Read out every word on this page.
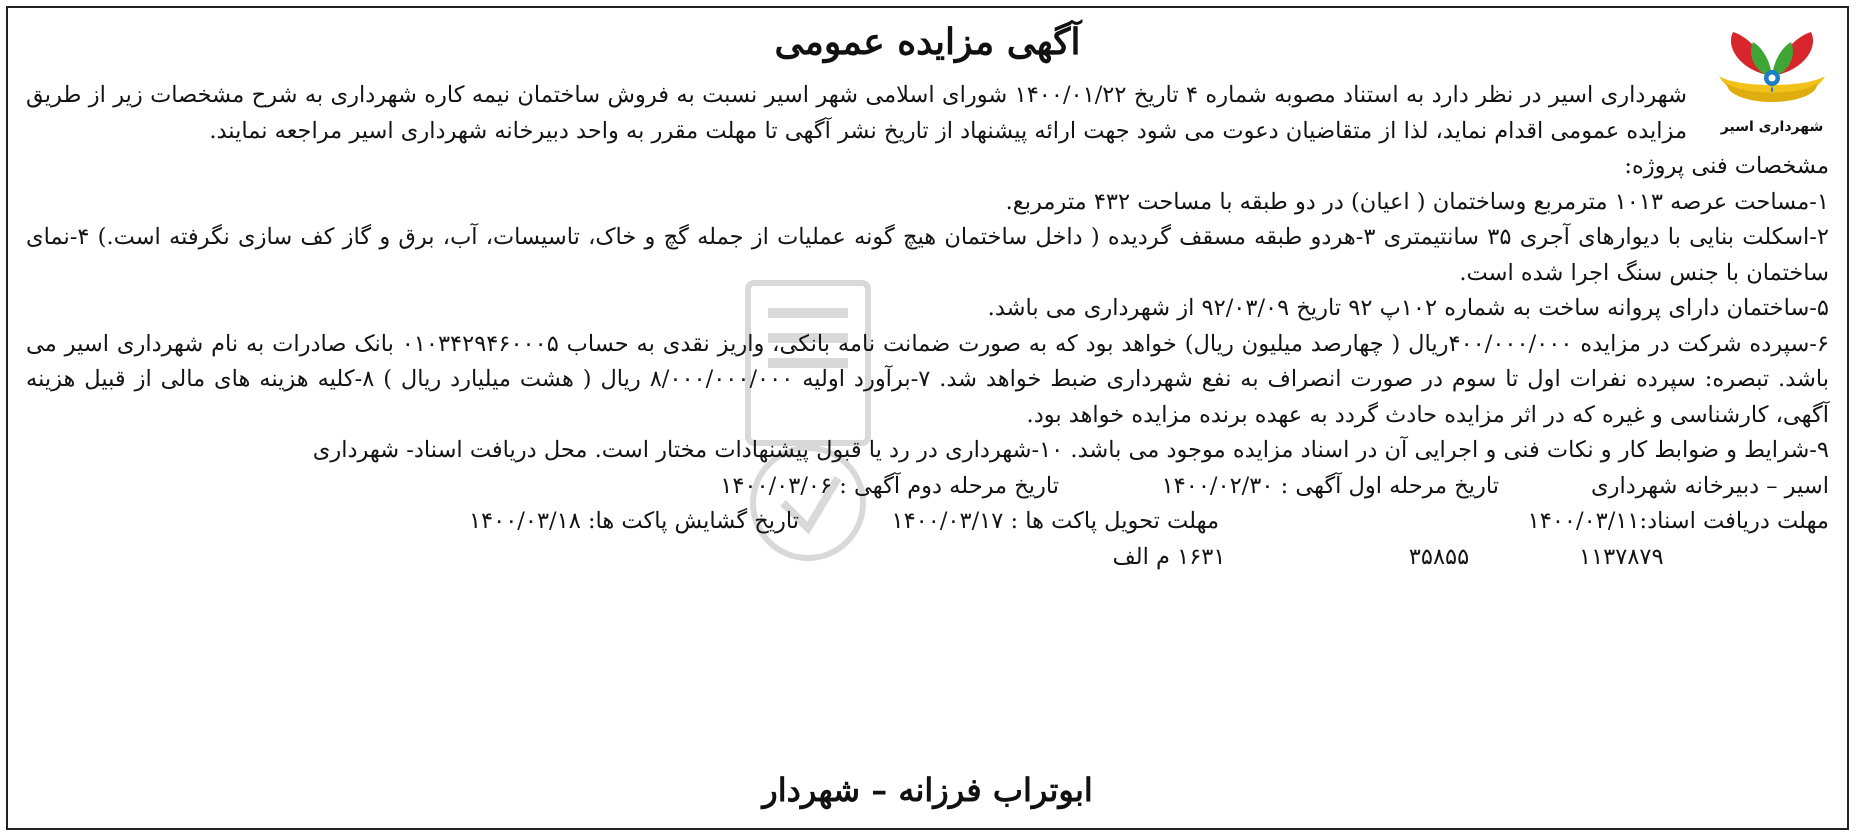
آگهی مزایده عمومی
شهرداری اسیر

شهرداری اسیر در نظر دارد به استناد مصوبه شماره ۴ تاریخ ۱۴۰۰/۰۱/۲۲ شورای اسلامی شهر اسیر نسبت به فروش ساختمان نیمه کاره شهرداری به شرح مشخصات زیر از طریق مزایده عمومی اقدام نماید، لذا از متقاضیان دعوت می شود جهت ارائه پیشنهاد از تاریخ نشر آگهی تا مهلت مقرر به واحد دبیرخانه شهرداری اسیر مراجعه نمایند.

مشخصات فنی پروژه:

۱-مساحت عرصه ۱۰۱۳ مترمربع وساختمان ( اعیان) در دو طبقه با مساحت ۴۳۲ مترمربع.

۲-اسکلت بنایی با دیوارهای آجری ۳۵ سانتیمتری ۳-هردو طبقه مسقف گردیده ( داخل ساختمان هیچ گونه عملیات از جمله گچ و خاک، تاسیسات، آب، برق و گاز کف سازی نگرفته است.) ۴-نمای ساختمان با جنس سنگ اجرا شده است.

۵-ساختمان دارای پروانه ساخت به شماره ۱۰۲پ ۹۲ تاریخ ۹۲/۰۳/۰۹ از شهرداری می باشد.

۶-سپرده شرکت در مزایده ۴۰۰/۰۰۰/۰۰۰ریال ( چهارصد میلیون ریال) خواهد بود که به صورت ضمانت نامه بانکی، واریز نقدی به حساب ۰۱۰۳۴۲۹۴۶۰۰۰۵ بانک صادرات به نام شهرداری اسیر می باشد. تبصره: سپرده نفرات اول تا سوم در صورت انصراف به نفع شهرداری ضبط خواهد شد. ۷-برآورد اولیه ۸/۰۰۰/۰۰۰/۰۰۰ ریال ( هشت میلیارد ریال ) ۸-کلیه هزینه های مالی از قبیل هزینه آگهی، کارشناسی و غیره که در اثر مزایده حادث گردد به عهده برنده مزایده خواهد بود.

۹-شرایط و ضوابط کار و نکات فنی و اجرایی آن در اسناد مزایده موجود می باشد. ۱۰-شهرداری در رد یا قبول پیشنهادات مختار است. محل دریافت اسناد- شهرداری

اسیر – دبیرخانه شهرداری
تاریخ مرحله اول آگهی : ۱۴۰۰/۰۲/۳۰
تاریخ مرحله دوم آگهی : ۱۴۰۰/۰۳/۰۶
مهلت دریافت اسناد:۱۴۰۰/۰۳/۱۱
مهلت تحویل پاکت ها : ۱۴۰۰/۰۳/۱۷
تاریخ گشایش پاکت ها: ۱۴۰۰/۰۳/۱۸
۱۱۳۷۸۷۹
۳۵۸۵۵
۱۶۳۱ م الف
ابوتراب فرزانه – شهردار
